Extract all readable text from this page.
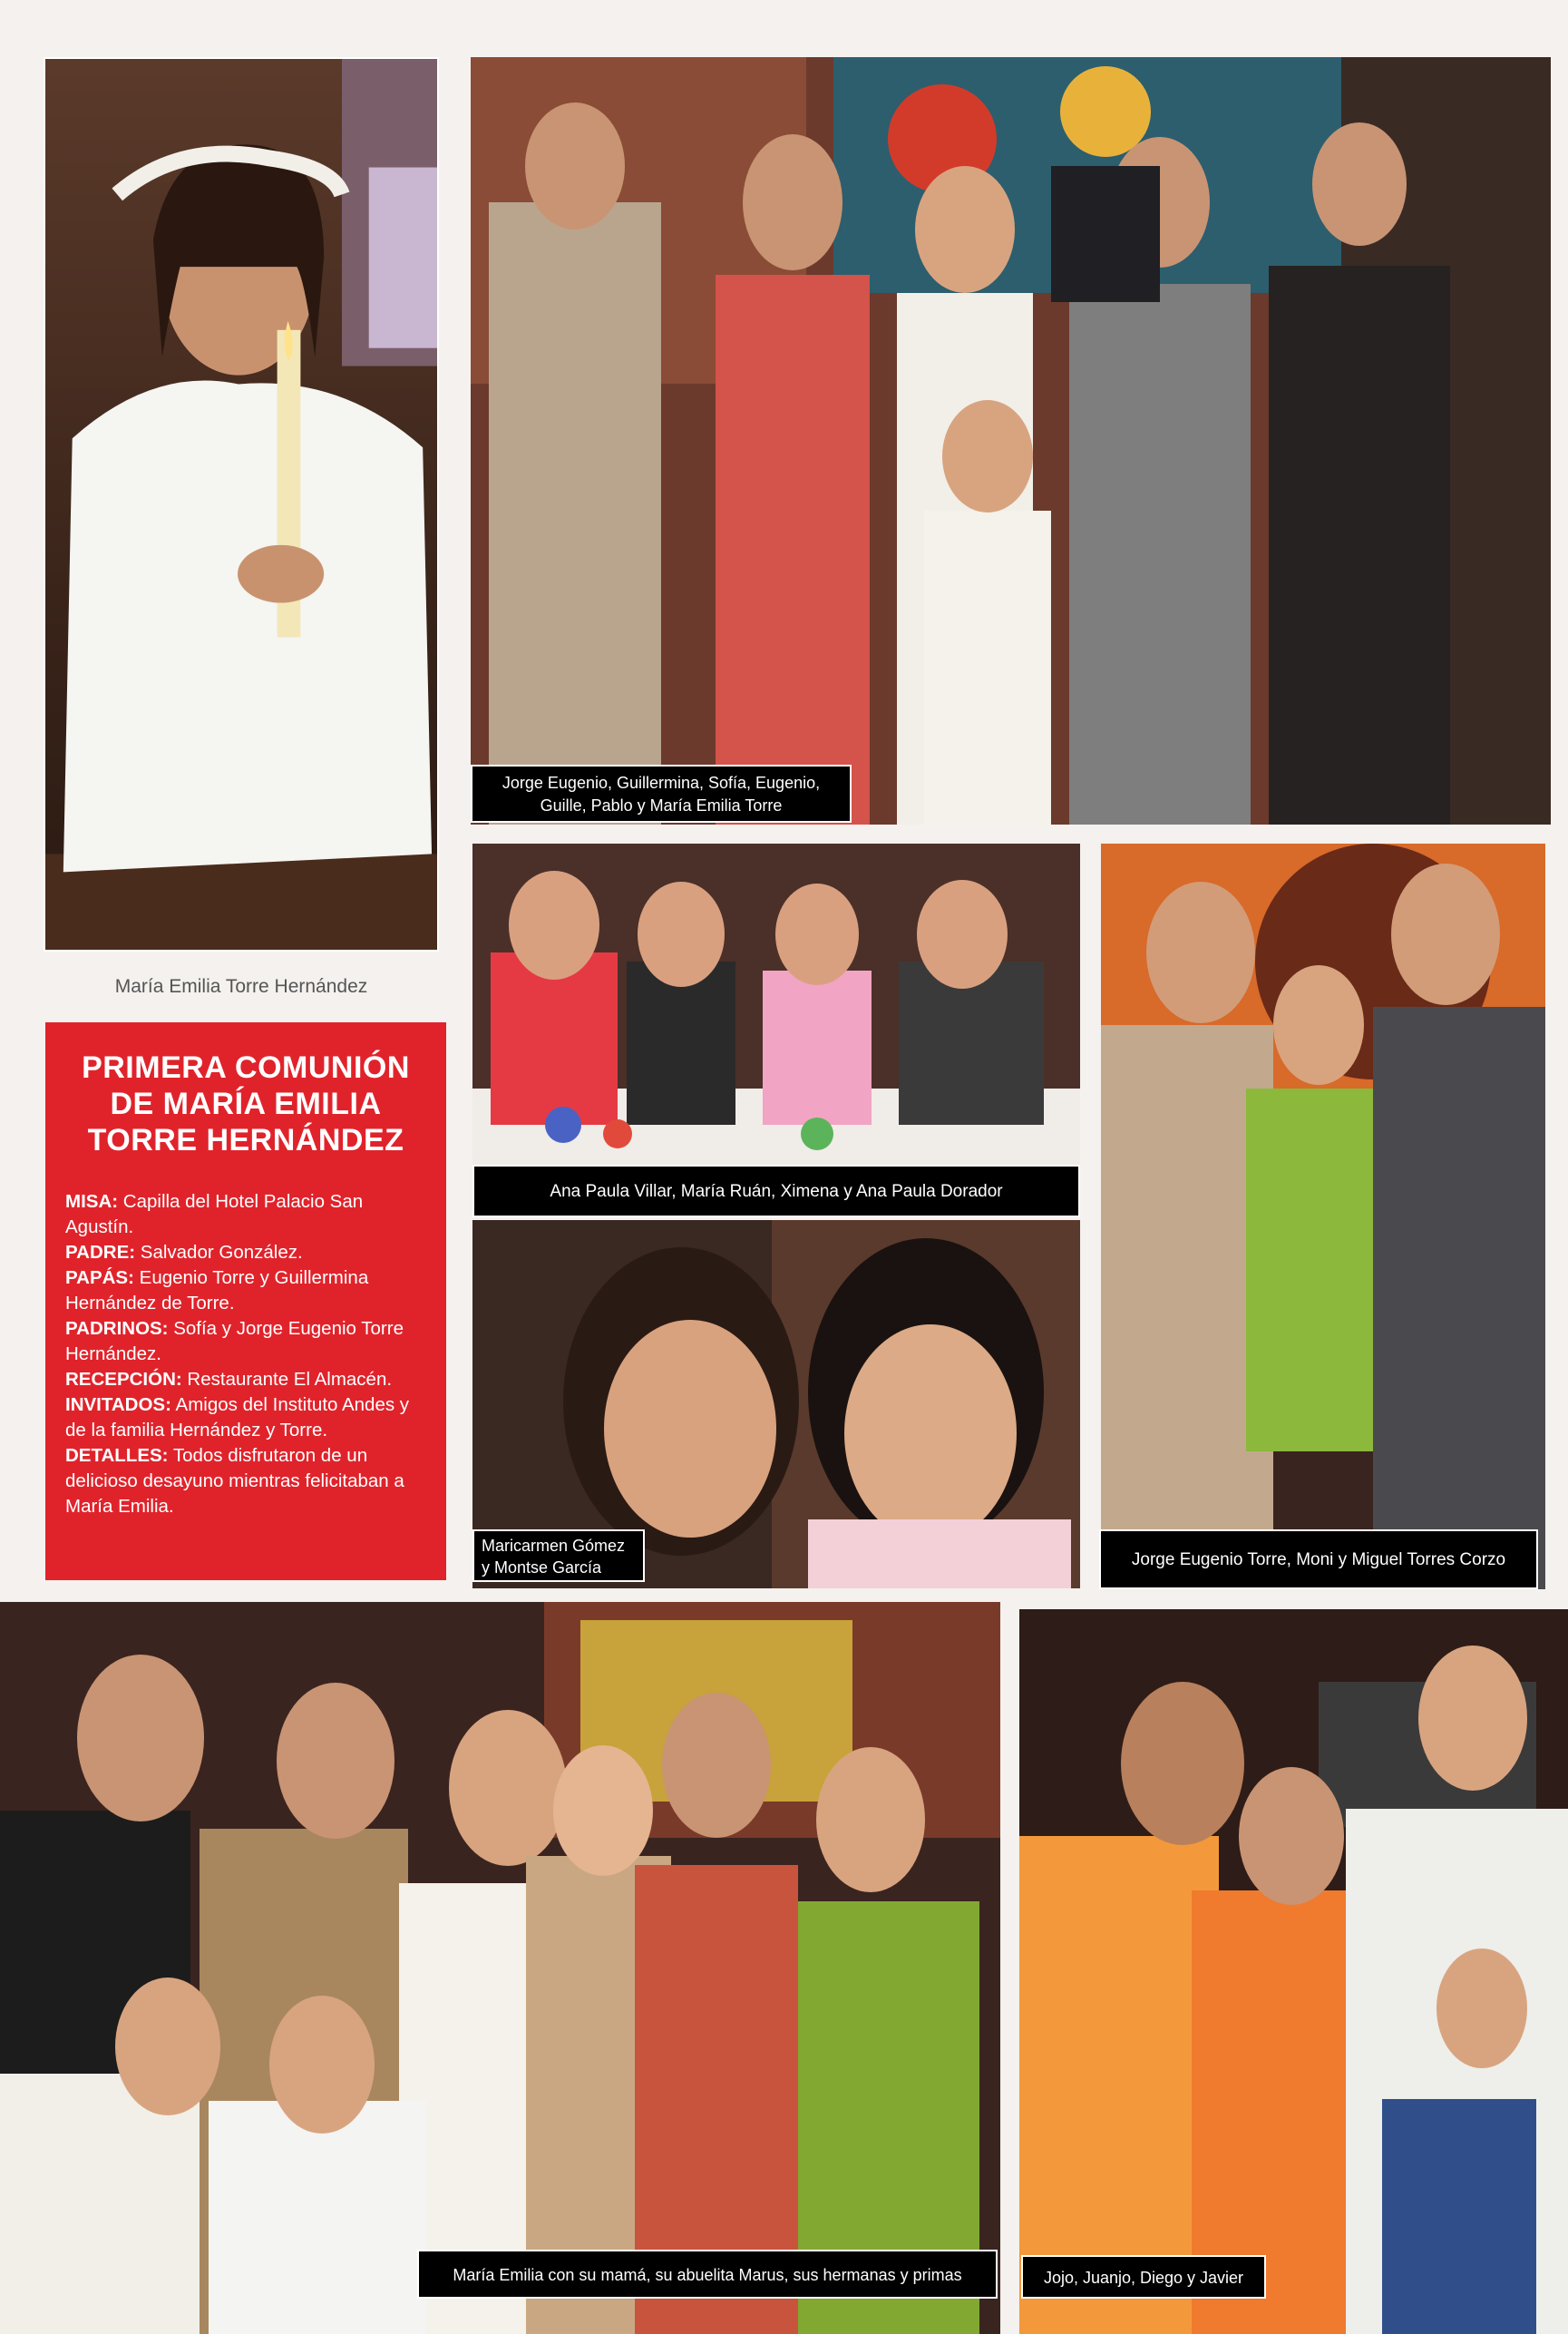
María Emilia Torre Hernández
Jorge Eugenio, Guillermina, Sofía, Eugenio,
Guille, Pablo y María Emilia Torre
PRIMERA COMUNIÓN
DE MARÍA EMILIA
TORRE HERNÁNDEZ

MISA: Capilla del Hotel Palacio San Agustín.

PADRE: Salvador González.

PAPÁS: Eugenio Torre y Guillermina Hernández de Torre.

PADRINOS: Sofía y Jorge Eugenio Torre Hernández.

RECEPCIÓN: Restaurante El Almacén.

INVITADOS: Amigos del Instituto Andes y de la familia Hernández y Torre.

DETALLES: Todos disfrutaron de un delicioso desayuno mientras felicitaban a María Emilia.

Ana Paula Villar, María Ruán, Ximena y Ana Paula Dorador
Maricarmen Gómez
y Montse García	Jorge Eugenio Torre, Moni y Miguel Torres Corzo
María Emilia con su mamá, su abuelita Marus, sus hermanas y primas	Jojo, Juanjo, Diego y Javier
